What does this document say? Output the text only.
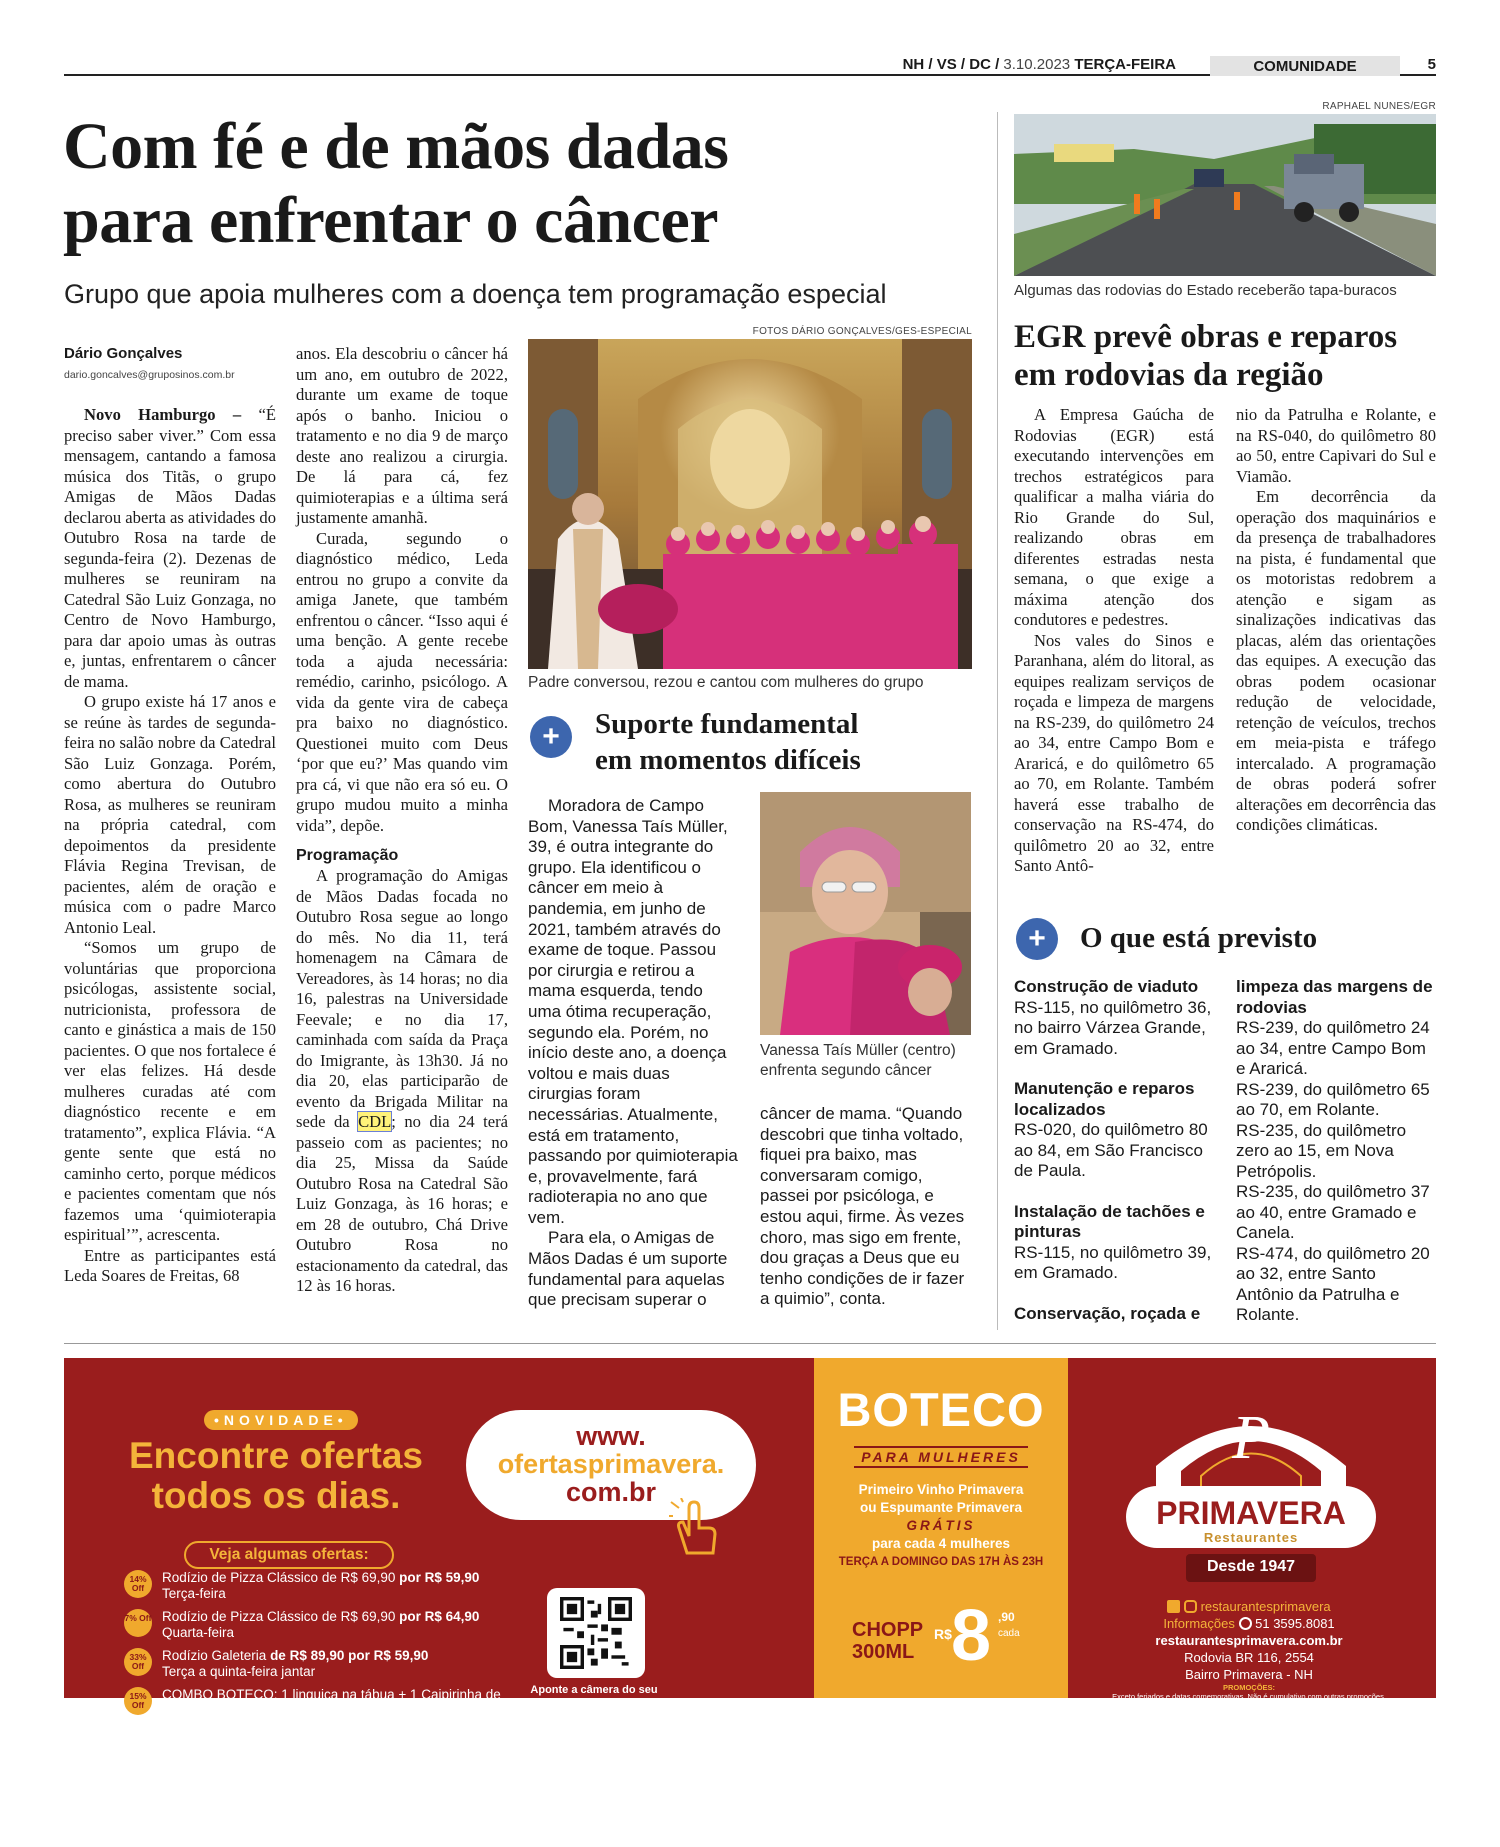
NH / VS / DC / 3.10.2023 TERÇA-FEIRA	COMUNIDADE	5
Com fé e de mãos dadas
para enfrentar o câncer
Grupo que apoia mulheres com a doença tem programação especial
Dário Gonçalves
dario.goncalves@gruposinos.com.br

Novo Hamburgo – “É preciso saber viver.” Com essa mensagem, cantando a famosa música dos Titãs, o grupo Amigas de Mãos Dadas declarou aberta as atividades do Outubro Rosa na tarde de segunda-feira (2). Dezenas de mulheres se reuniram na Catedral São Luiz Gonzaga, no Centro de Novo Hamburgo, para dar apoio umas às outras e, juntas, enfrentarem o câncer de mama.

O grupo existe há 17 anos e se reúne às tardes de segunda-feira no salão nobre da Catedral São Luiz Gonzaga. Porém, como abertura do Outubro Rosa, as mulheres se reuniram na própria catedral, com depoimentos da presidente Flávia Regina Trevisan, de pacientes, além de oração e música com o padre Marco Antonio Leal.

“Somos um grupo de voluntárias que proporciona psicólogas, assistente social, nutricionista, professora de canto e ginástica a mais de 150 pacientes. O que nos fortalece é ver elas felizes. Há desde mulheres curadas até com diagnóstico recente e em tratamento”, explica Flávia. “A gente sente que está no caminho certo, porque médicos e pacientes comentam que nós fazemos uma ‘quimioterapia espiritual’”, acrescenta.

Entre as participantes está Leda Soares de Freitas, 68

anos. Ela descobriu o câncer há um ano, em outubro de 2022, durante um exame de toque após o banho. Iniciou o tratamento e no dia 9 de março deste ano realizou a cirurgia. De lá para cá, fez quimioterapias e a última será justamente amanhã.

Curada, segundo o diagnóstico médico, Leda entrou no grupo a convite da amiga Janete, que também enfrentou o câncer. “Isso aqui é uma benção. A gente recebe toda a ajuda necessária: remédio, carinho, psicólogo. A vida da gente vira de cabeça pra baixo no diagnóstico. Questionei muito com Deus ‘por que eu?’ Mas quando vim pra cá, vi que não era só eu. O grupo mudou muito a minha vida”, depõe.

Programação

A programação do Amigas de Mãos Dadas focada no Outubro Rosa segue ao longo do mês. No dia 11, terá homenagem na Câmara de Vereadores, às 14 horas; no dia 16, palestras na Universidade Feevale; e no dia 17, caminhada com saída da Praça do Imigrante, às 13h30. Já no dia 20, elas participarão de evento da Brigada Militar na sede da CDL; no dia 24 terá passeio com as pacientes; no dia 25, Missa da Saúde Outubro Rosa na Catedral São Luiz Gonzaga, às 16 horas; e em 28 de outubro, Chá Drive Outubro Rosa no estacionamento da catedral, das 12 às 16 horas.

FOTOS DÁRIO GONÇALVES/GES-ESPECIAL
Padre conversou, rezou e cantou com mulheres do grupo
+	Suporte fundamental
em momentos difíceis

Moradora de Campo Bom, Vanessa Taís Müller, 39, é outra integrante do grupo. Ela identificou o câncer em meio à pandemia, em junho de 2021, também através do exame de toque. Passou por cirurgia e retirou a mama esquerda, tendo uma ótima recuperação, segundo ela. Porém, no início deste ano, a doença voltou e mais duas cirurgias foram necessárias. Atualmente, está em tratamento, passando por quimioterapia e, provavelmente, fará radioterapia no ano que vem.

Para ela, o Amigas de Mãos Dadas é um suporte fundamental para aquelas que precisam superar o

Vanessa Taís Müller (centro)
enfrenta segundo câncer

câncer de mama. “Quando descobri que tinha voltado, fiquei pra baixo, mas conversaram comigo, passei por psicóloga, e estou aqui, firme. Às vezes choro, mas sigo em frente, dou graças a Deus que eu tenho condições de ir fazer a quimio”, conta.

RAPHAEL NUNES/EGR
Algumas das rodovias do Estado receberão tapa-buracos
EGR prevê obras e reparos
em rodovias da região

A Empresa Gaúcha de Rodovias (EGR) está executando intervenções em trechos estratégicos para qualificar a malha viária do Rio Grande do Sul, realizando obras em diferentes estradas nesta semana, o que exige a máxima atenção dos condutores e pedestres.

Nos vales do Sinos e Paranhana, além do litoral, as equipes realizam serviços de roçada e limpeza de margens na RS-239, do quilômetro 24 ao 34, entre Campo Bom e Araricá, e do quilômetro 65 ao 70, em Rolante. Também haverá esse trabalho de conservação na RS-474, do quilômetro 20 ao 32, entre Santo Antô-

nio da Patrulha e Rolante, e na RS-040, do quilômetro 80 ao 50, entre Capivari do Sul e Viamão.

Em decorrência da operação dos maquinários e da presença de trabalhadores na pista, é fundamental que os motoristas redobrem a atenção e sigam as sinalizações indicativas das placas, além das orientações das equipes. A execução das obras podem ocasionar redução de velocidade, retenção de veículos, trechos em meia-pista e tráfego intercalado. A programação de obras poderá sofrer alterações em decorrência das condições climáticas.

+	O que está previsto
Construção de viaduto

RS-115, no quilômetro 36, no bairro Várzea Grande, em Gramado.

Manutenção e reparos localizados

RS-020, do quilômetro 80 ao 84, em São Francisco de Paula.

Instalação de tachões e pinturas

RS-115, no quilômetro 39, em Gramado.

Conservação, roçada e
limpeza das margens de rodovias

RS-239, do quilômetro 24 ao 34, entre Campo Bom e Araricá.

RS-239, do quilômetro 65 ao 70, em Rolante.

RS-235, do quilômetro zero ao 15, em Nova Petrópolis.

RS-235, do quilômetro 37 ao 40, entre Gramado e Canela.

RS-474, do quilômetro 20 ao 32, entre Santo Antônio da Patrulha e Rolante.

•NOVIDADE•
Encontre ofertas
todos os dias.
www.
ofertasprimavera.
com.br
Veja algumas ofertas:
14% Off
Rodízio de Pizza Clássico de R$ 69,90 por R$ 59,90
Terça-feira
7% Off Rodízio de Pizza Clássico de R$ 69,90 por R$ 64,90
Quarta-feira
33% Off
Rodízio Galeteria de R$ 89,90 por R$ 59,90
Terça a quinta-feira jantar
Aponte a câmera do seu celular e descubra as ofertas.
BOTECO
PARA MULHERES
Primeiro Vinho Primavera
ou Espumante Primavera
GRÁTIS
para cada 4 mulheres
TERÇA A DOMINGO DAS 17H ÀS 23H
CHOPP
300ML
R$ 8 ,90
cada
P
PRIMAVERA
Restaurantes
Desde 1947
restaurantesprimavera
Informações 51 3595.8081
restaurantesprimavera.com.br
Rodovia BR 116, 2554
Bairro Primavera - NH
PROMOÇÕES:
Exceto feriados e datas comemorativas. Não é cumulativo com outras promoções.
Não é cumulativo com compras coletivas.
15% Off
COMBO BOTECO: 1 linguiça na tábua + 1 Caipirinha de vodka de R$ 81,90 por R$ 69,90 Terça a domingo
